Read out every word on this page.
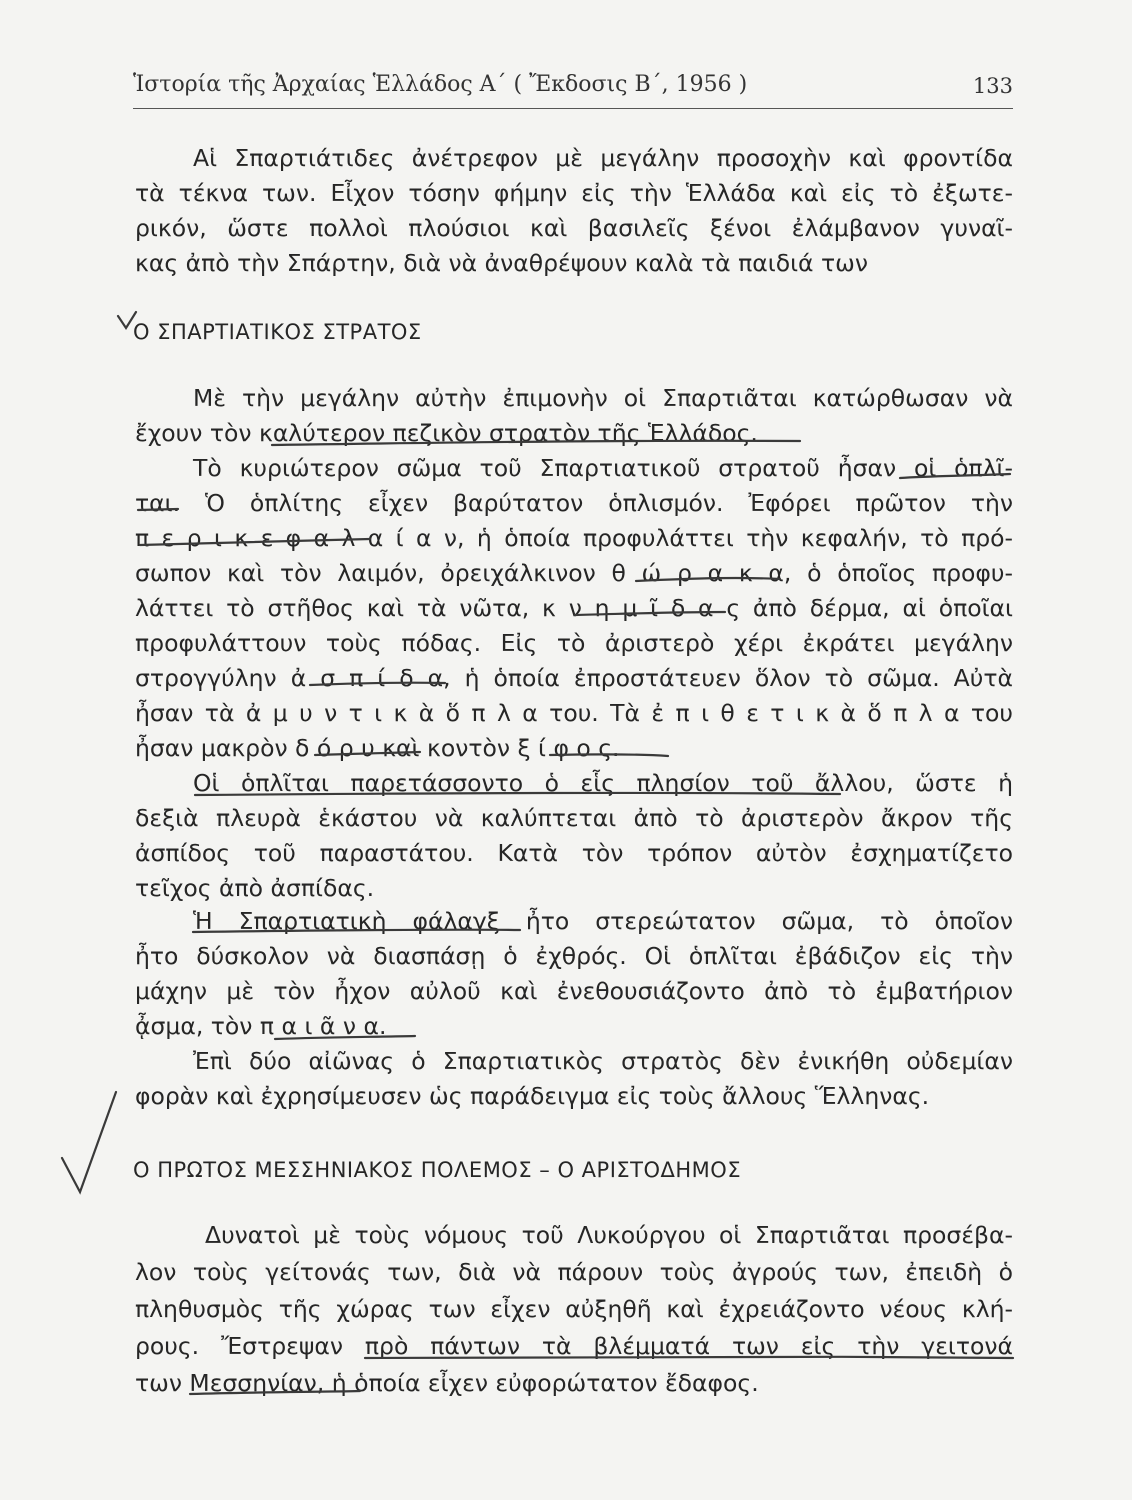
Ἱστορία τῆς Ἀρχαίας Ἑλλάδος Α΄ ( Ἔκδοσις Β΄, 1956 )	133
Αἱ Σπαρτιάτιδες ἀνέτρεφον μὲ μεγάλην προσοχὴν καὶ φροντίδα
τὰ τέκνα των. Εἶχον τόσην φήμην εἰς τὴν Ἑλλάδα καὶ εἰς τὸ ἐξωτε-
ρικόν, ὥστε πολλοὶ πλούσιοι καὶ βασιλεῖς ξένοι ἐλάμβανον γυναῖ-
κας ἀπὸ τὴν Σπάρτην, διὰ νὰ ἀναθρέψουν καλὰ τὰ παιδιά των
Ο ΣΠΑΡΤΙΑΤΙΚΟΣ ΣΤΡΑΤΟΣ
Μὲ τὴν μεγάλην αὐτὴν ἐπιμονὴν οἱ Σπαρτιᾶται κατώρθωσαν νὰ
ἔχουν τὸν καλύτερον πεζικὸν στρατὸν τῆς Ἑλλάδος.
Τὸ κυριώτερον σῶμα τοῦ Σπαρτιατικοῦ στρατοῦ ἦσαν οἱ ὁπλῖ-
ται. Ὁ ὁπλίτης εἶχεν βαρύτατον ὁπλισμόν. Ἐφόρει πρῶτον τὴν
π ε ρ ι κ ε φ α λ α ί α ν, ἡ ὁποία προφυλάττει τὴν κεφαλήν, τὸ πρό-
σωπον καὶ τὸν λαιμόν, ὀρειχάλκινον θ ώ ρ α κ α, ὁ ὁποῖος προφυ-
λάττει τὸ στῆθος καὶ τὰ νῶτα, κ ν η μ ῖ δ α ς ἀπὸ δέρμα, αἱ ὁποῖαι
προφυλάττουν τοὺς πόδας. Εἰς τὸ ἀριστερὸ χέρι ἐκράτει μεγάλην
στρογγύλην ἀ σ π ί δ α, ἡ ὁποία ἐπροστάτευεν ὅλον τὸ σῶμα. Αὐτὰ
ἦσαν τὰ ἀ μ υ ν τ ι κ ὰ ὅ π λ α του. Τὰ ἐ π ι θ ε τ ι κ ὰ ὅ π λ α του
ἦσαν μακρὸν δ ό ρ υ καὶ κοντὸν ξ ί φ ο ς.
Οἱ ὁπλῖται παρετάσσοντο ὁ εἷς πλησίον τοῦ ἄλλου, ὥστε ἡ
δεξιὰ πλευρὰ ἑκάστου νὰ καλύπτεται ἀπὸ τὸ ἀριστερὸν ἄκρον τῆς
ἀσπίδος τοῦ παραστάτου. Κατὰ τὸν τρόπον αὐτὸν ἐσχηματίζετο
τεῖχος ἀπὸ ἀσπίδας.
Ἡ Σπαρτιατικὴ φάλαγξ ἦτο στερεώτατον σῶμα, τὸ ὁποῖον
ἦτο δύσκολον νὰ διασπάσῃ ὁ ἐχθρός. Οἱ ὁπλῖται ἐβάδιζον εἰς τὴν
μάχην μὲ τὸν ἦχον αὐλοῦ καὶ ἐνεθουσιάζοντο ἀπὸ τὸ ἐμβατήριον
ᾆσμα, τὸν π α ι ᾶ ν α.
Ἐπὶ δύο αἰῶνας ὁ Σπαρτιατικὸς στρατὸς δὲν ἐνικήθη οὐδεμίαν
φορὰν καὶ ἐχρησίμευσεν ὡς παράδειγμα εἰς τοὺς ἄλλους Ἕλληνας.
Ο ΠΡΩΤΟΣ ΜΕΣΣΗΝΙΑΚΟΣ ΠΟΛΕΜΟΣ – Ο ΑΡΙΣΤΟΔΗΜΟΣ
Δυνατοὶ μὲ τοὺς νόμους τοῦ Λυκούργου οἱ Σπαρτιᾶται προσέβα-
λον τοὺς γείτονάς των, διὰ νὰ πάρουν τοὺς ἀγρούς των, ἐπειδὴ ὁ
πληθυσμὸς τῆς χώρας των εἶχεν αὐξηθῆ καὶ ἐχρειάζοντο νέους κλή-
ρους. Ἔστρεψαν πρὸ πάντων τὰ βλέμματά των εἰς τὴν γειτονά
των Μεσσηνίαν, ἡ ὁποία εἶχεν εὐφορώτατον ἔδαφος.
